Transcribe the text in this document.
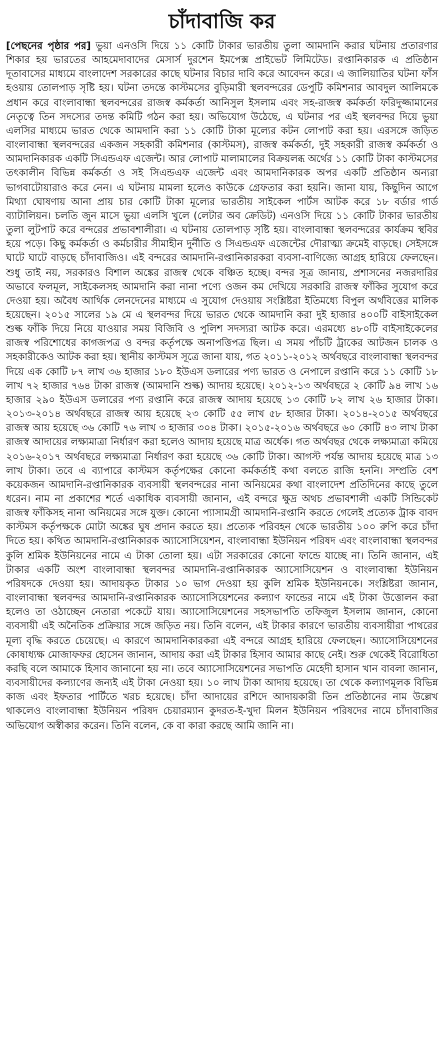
চাঁদাবাজি কর

[পেছনের পৃষ্ঠার পর] ভুয়া এনওসি দিয়ে ১১ কোটি টাকার ভারতীয় তুলা আমদানি করার ঘটনায় প্রতারণার শিকার হয় ভারতের আহমেদাবাদের মেসার্স দুরশেন ইমপেক্স প্রাইভেট লিমিটেড। রপ্তানিকারক এ প্রতিষ্ঠান দূতাবাসের মাধ্যমে বাংলাদেশ সরকারের কাছে ঘটনার বিচার দাবি করে আবেদন করে। এ জালিয়াতির ঘটনা ফাঁস হওয়ায় তোলপাড় সৃষ্টি হয়। ঘটনা তদন্তে কাস্টমসের বুড়িমারী স্থলবন্দরের ডেপুটি কমিশনার আবদুল আলিমকে প্রধান করে বাংলাবান্ধা স্থলবন্দরের রাজস্ব কর্মকর্তা আনিসুল ইসলাম এবং সহ-রাজস্ব কর্মকর্তা ফরিদুজ্জামানের নেতৃত্বে তিন সদস্যের তদন্ত কমিটি গঠন করা হয়। অভিযোগ উঠেছে, এ ঘটনার পর এই স্থলবন্দর দিয়ে ভুয়া এলসির মাধ্যমে ভারত থেকে আমদানি করা ১১ কোটি টাকা মূল্যের কটন লোপাট করা হয়। এরসঙ্গে জড়িত বাংলাবান্ধা স্থলবন্দরের একজন সহকারী কমিশনার (কাস্টমস), রাজস্ব কর্মকর্তা, দুই সহকারী রাজস্ব কর্মকর্তা ও আমদানিকারক একটি সিএন্ডএফ এজেন্ট। আর লোপাট মালামালের বিক্রয়লব্ধ অর্থের ১১ কোটি টাকা কাস্টমসের তৎকালীন বিভিন্ন কর্মকর্তা ও সই সিএন্ডএফ এজেন্ট এবং আমদানিকারক অপর একটি প্রতিষ্ঠান অন্যরা ভাগবাটোয়ারাও করে নেন। এ ঘটনায় মামলা হলেও কাউকে গ্রেফতার করা হয়নি। জানা যায়, কিছুদিন আগে মিথ্যা ঘোষণায় আনা প্রায় চার কোটি টাকা মূল্যের ভারতীয় সাইকেল পার্টস আটক করে ১৮ বর্ডার গার্ড ব্যাটালিয়ন। চলতি জুন মাসে ভুয়া এলসি খুলে (লেটার অব ক্রেডিট) এনওসি দিয়ে ১১ কোটি টাকার ভারতীয় তুলা লুটপাট করে বন্দরের প্রভাবশালীরা। এ ঘটনায় তোলপাড় সৃষ্টি হয়। বাংলাবান্ধা স্থলবন্দরের কার্যক্রম স্থবির হয়ে পড়ে। কিছু কর্মকর্তা ও কর্মচারীর সীমাহীন দুর্নীতি ও সিএন্ডএফ এজেন্টের দৌরাত্ম্য ক্রমেই বাড়ছে। সেইসঙ্গে ঘাটে ঘাটে বাড়ছে চাঁদাবাজিও। এই বন্দরের আমদানি-রপ্তানিকারকরা ব্যবসা-বাণিজ্যে আগ্রহ হারিয়ে ফেলছেন। শুধু তাই নয়, সরকারও বিশাল অঙ্কের রাজস্ব থেকে বঞ্চিত হচ্ছে। বন্দর সূত্র জানায়, প্রশাসনের নজরদারির অভাবে ফলমূল, সাইকেলসহ আমদানি করা নানা পণ্যে ওজন কম দেখিয়ে সরকারি রাজস্ব ফাঁকির সুযোগ করে দেওয়া হয়। অবৈধ আর্থিক লেনদেনের মাধ্যমে এ সুযোগ দেওয়ায় সংশ্লিষ্টরা ইতিমধ্যে বিপুল অর্থবিত্তের মালিক হয়েছেন। ২০১৫ সালের ১৯ মে এ স্থলবন্দর দিয়ে ভারত থেকে আমদানি করা দুই হাজার ৪০০টি বাইসাইকেল শুল্ক ফাঁকি দিয়ে নিয়ে যাওয়ার সময় বিজিবি ও পুলিশ সদস্যরা আটক করে। এরমধ্যে ৪৮০টি বাইসাইকেলের রাজস্ব পরিশোধের কাগজপত্র ও বন্দর কর্তৃপক্ষে অনাপত্তিপত্র ছিল। এ সময় পাঁচটি ট্রাকের আটজন চালক ও সহকারীকেও আটক করা হয়। স্থানীয় কাস্টমস সূত্রে জানা যায়, গত ২০১১-২০১২ অর্থবছরে বাংলাবান্ধা স্থলবন্দর দিয়ে এক কোটি ৮৭ লাখ ৩৬ হাজার ১৮০ ইউএস ডলারের পণ্য ভারত ও নেপালে রপ্তানি করে ১১ কোটি ১৮ লাখ ৭২ হাজার ৭৬৪ টাকা রাজস্ব (আমদানি শুল্ক) আদায় হয়েছে। ২০১২-১৩ অর্থবছরে ২ কোটি ৯৪ লাখ ১৬ হাজার ২৯০ ইউএস ডলারের পণ্য রপ্তানি করে রাজস্ব আদায় হয়েছে ১৩ কোটি ৮২ লাখ ২৬ হাজার টাকা। ২০১৩-২০১৪ অর্থবছরে রাজস্ব আয় হয়েছে ২৩ কোটি ৫৫ লাখ ৫৮ হাজার টাকা। ২০১৪-২০১৫ অর্থবছরে রাজস্ব আয় হয়েছে ৩৬ কোটি ৭৬ লাখ ৩ হাজার ৩০৪ টাকা। ২০১৫-২০১৬ অর্থবছরে ৬০ কোটি ৪৩ লাখ টাকা রাজস্ব আদায়ের লক্ষ্যমাত্রা নির্ধারণ করা হলেও আদায় হয়েছে মাত্র অর্ধেক। গত অর্থবছর থেকে লক্ষ্যমাত্রা কমিয়ে ২০১৬-২০১৭ অর্থবছরে লক্ষ্যমাত্রা নির্ধারণ করা হয়েছে ৩৬ কোটি টাকা। আগস্ট পর্যন্ত আদায় হয়েছে মাত্র ১৩ লাখ টাকা। তবে এ ব্যাপারে কাস্টমস কর্তৃপক্ষের কোনো কর্মকর্তাই কথা বলতে রাজি হননি। সম্প্রতি বেশ কয়েকজন আমদানি-রপ্তানিকারক ব্যবসায়ী স্থলবন্দরের নানা অনিয়মের কথা বাংলাদেশ প্রতিদিনের কাছে তুলে ধরেন। নাম না প্রকাশের শর্তে একাধিক ব্যবসায়ী জানান, এই বন্দরে ক্ষুদ্র অথচ প্রভাবশালী একটি সিন্ডিকেট রাজস্ব ফাঁকিসহ নানা অনিয়মের সঙ্গে যুক্ত। কোনো প্যাসামগ্রী আমদানি-রপ্তানি করতে গেলেই প্রত্যেক ট্রাক বাবদ কাস্টমস কর্তৃপক্ষকে মোটা অঙ্কের ঘুষ প্রদান করতে হয়। প্রত্যেক পরিবহন থেকে ভারতীয় ১০০ রুপি করে চাঁদা দিতে হয়। কথিত আমদানি-রপ্তানিকারক অ্যাসোসিয়েশন, বাংলাবান্ধা ইউনিয়ন পরিষদ এবং বাংলাবান্ধা স্থলবন্দর কুলি শ্রমিক ইউনিয়নের নামে এ টাকা তোলা হয়। এটা সরকারের কোনো ফান্ডে যাচ্ছে না। তিনি জানান, এই টাকার একটি অংশ বাংলাবান্ধা স্থলবন্দর আমদানি-রপ্তানিকারক অ্যাসোসিয়েশন ও বাংলাবান্ধা ইউনিয়ন পরিষদকে দেওয়া হয়। আদায়কৃত টাকার ১০ ভাগ দেওয়া হয় কুলি শ্রমিক ইউনিয়নকে। সংশ্লিষ্টরা জানান, বাংলাবান্ধা স্থলবন্দর আমদানি-রপ্তানিকারক অ্যাসোসিয়েশনের কল্যাণ ফান্ডের নামে এই টাকা উত্তোলন করা হলেও তা ওঠাচ্ছেন নেতারা পকেটে যায়। অ্যাসোসিয়েশনের সহসভাপতি তফিজুল ইসলাম জানান, কোনো ব্যবসায়ী এই অনৈতিক প্রক্রিয়ার সঙ্গে জড়িত নয়। তিনি বলেন, এই টাকার কারণে ভারতীয় ব্যবসায়ীরা পাথরের মূল্য বৃদ্ধি করতে চেয়েছে। এ কারণে আমদানিকারকরা এই বন্দরে আগ্রহ হারিয়ে ফেলছেন। অ্যাসোসিয়েশনের কোষাধ্যক্ষ মোজাফফর হোসেন জানান, আদায় করা এই টাকার হিসাব আমার কাছে নেই। শুরু থেকেই বিরোধিতা করছি বলে আমাকে হিসাব জানানো হয় না। তবে অ্যাসোসিয়েশনের সভাপতি মেহেদী হাসান খান বাবলা জানান, ব্যবসায়ীদের কল্যাণের জন্যই এই টাকা নেওয়া হয়। ১০ লাখ টাকা আদায় হয়েছে। তা থেকে কল্যাণমূলক বিভিন্ন কাজ এবং ইফতার পার্টিতে খরচ হয়েছে। চাঁদা আদায়ের রশিদে আদায়কারী তিন প্রতিষ্ঠানের নাম উল্লেখ থাকলেও বাংলাবান্ধা ইউনিয়ন পরিষদ চেয়ারম্যান কুদরত-ই-খুদা মিলন ইউনিয়ন পরিষদের নামে চাঁদাবাজির অভিযোগ অস্বীকার করেন। তিনি বলেন, কে বা কারা করছে আমি জানি না।
